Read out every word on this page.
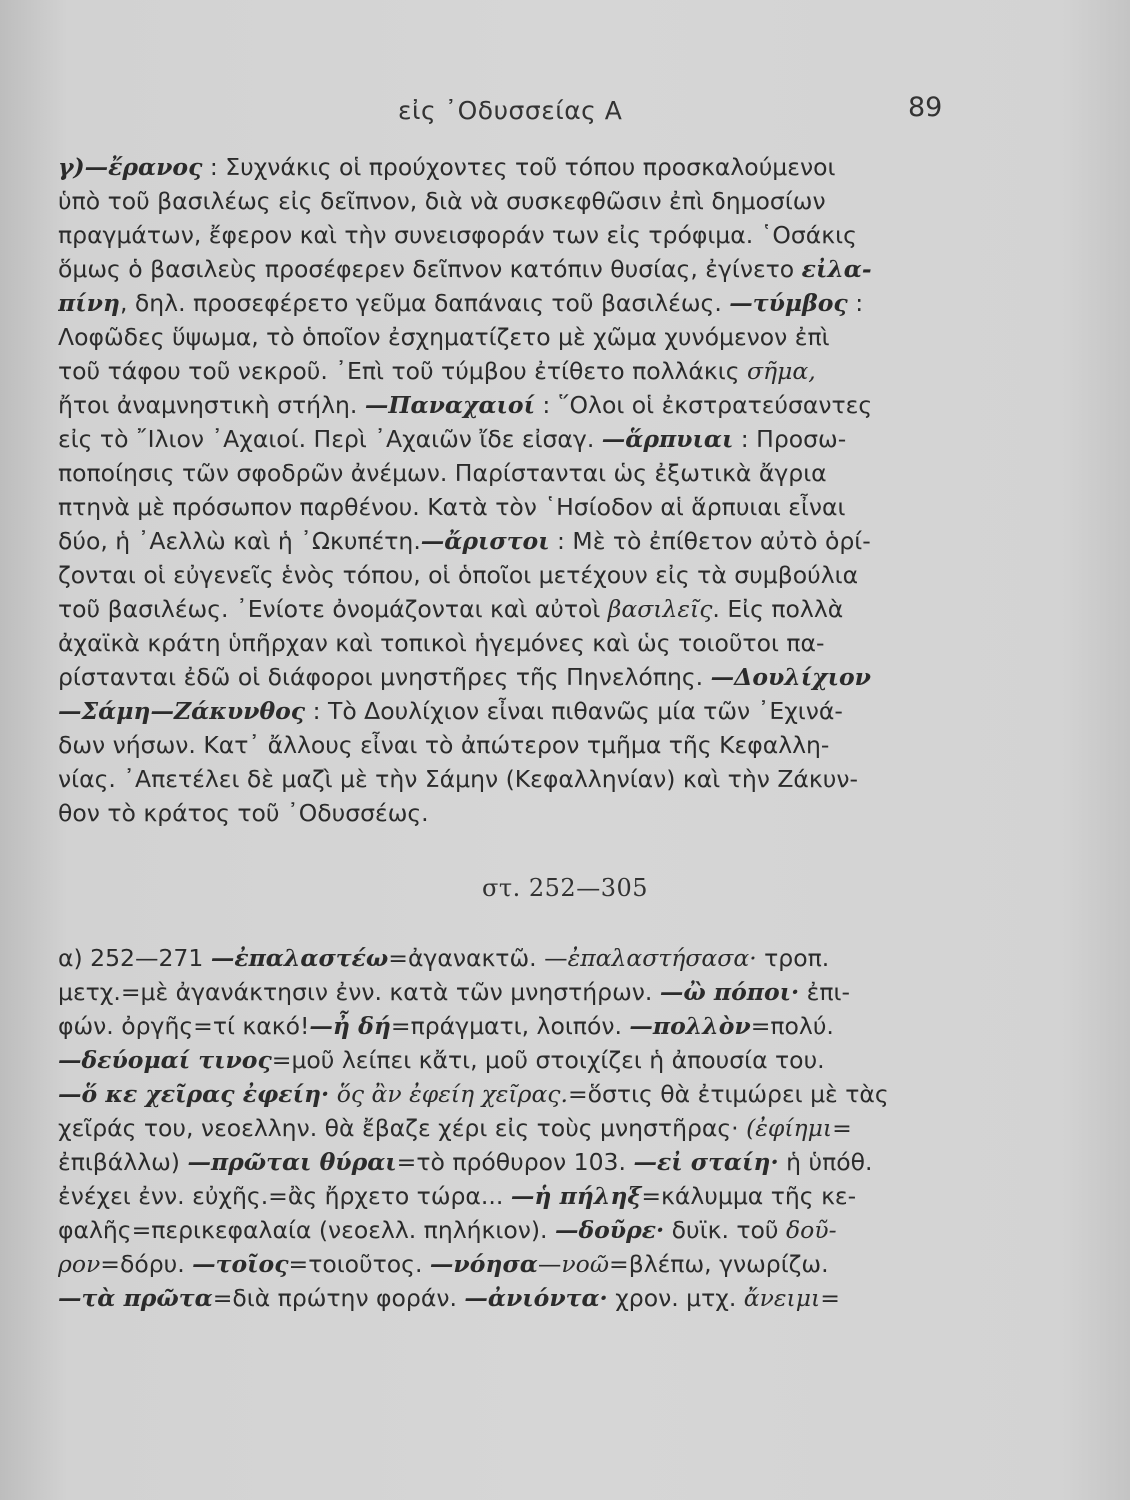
εἰς ᾿Οδυσσείας Α	89
γ)—ἔρανος : Συχνάκις οἱ προύχοντες τοῦ τόπου προσκαλούμενοι
ὑπὸ τοῦ βασιλέως εἰς δεῖπνον, διὰ νὰ συσκεφθῶσιν ἐπὶ δημοσίων
πραγμάτων, ἔφερον καὶ τὴν συνεισφοράν των εἰς τρόφιμα. ῾Οσάκις
ὅμως ὁ βασιλεὺς προσέφερεν δεῖπνον κατόπιν θυσίας, ἐγίνετο εἰλα-
πίνη, δηλ. προσεφέρετο γεῦμα δαπάναις τοῦ βασιλέως. —τύμβος :
Λοφῶδες ὕψωμα, τὸ ὁποῖον ἐσχηματίζετο μὲ χῶμα χυνόμενον ἐπὶ
τοῦ τάφου τοῦ νεκροῦ. ᾿Επὶ τοῦ τύμβου ἐτίθετο πολλάκις σῆμα,
ἤτοι ἀναμνηστικὴ στήλη. —Παναχαιοί : ῞Ολοι οἱ ἐκστρατεύσαντες
εἰς τὸ ῎Ιλιον ᾿Αχαιοί. Περὶ ᾿Αχαιῶν ἴδε εἰσαγ. —ἅρπυιαι : Προσω-
ποποίησις τῶν σφοδρῶν ἀνέμων. Παρίστανται ὡς ἐξωτικὰ ἄγρια
πτηνὰ μὲ πρόσωπον παρθένου. Κατὰ τὸν ῾Ησίοδον αἱ ἅρπυιαι εἶναι
δύο, ἡ ᾿Αελλὼ καὶ ἡ ᾿Ωκυπέτη.—ἄριστοι : Μὲ τὸ ἐπίθετον αὐτὸ ὁρί-
ζονται οἱ εὐγενεῖς ἑνὸς τόπου, οἱ ὁποῖοι μετέχουν εἰς τὰ συμβούλια
τοῦ βασιλέως. ᾿Ενίοτε ὀνομάζονται καὶ αὐτοὶ βασιλεῖς. Εἰς πολλὰ
ἀχαϊκὰ κράτη ὑπῆρχαν καὶ τοπικοὶ ἡγεμόνες καὶ ὡς τοιοῦτοι πα-
ρίστανται ἐδῶ οἱ διάφοροι μνηστῆρες τῆς Πηνελόπης. —Δουλίχιον
—Σάμη—Ζάκυνθος : Τὸ Δουλίχιον εἶναι πιθανῶς μία τῶν ᾿Εχινά-
δων νήσων. Κατ᾿ ἄλλους εἶναι τὸ ἀπώτερον τμῆμα τῆς Κεφαλλη-
νίας. ᾿Απετέλει δὲ μαζὶ μὲ τὴν Σάμην (Κεφαλληνίαν) καὶ τὴν Ζάκυν-
θον τὸ κράτος τοῦ ᾿Οδυσσέως.
στ. 252—305
α) 252—271 —ἐπαλαστέω=ἀγανακτῶ. —ἐπαλαστήσασα· τροπ.
μετχ.=μὲ ἀγανάκτησιν ἐνν. κατὰ τῶν μνηστήρων. —ὢ πόποι· ἐπι-
φών. ὀργῆς=τί κακό!—ἦ δή=πράγματι, λοιπόν. —πολλὸν=πολύ.
—δεύομαί τινος=μοῦ λείπει κἄτι, μοῦ στοιχίζει ἡ ἀπουσία του.
—ὅ κε χεῖρας ἐφείη· ὅς ἂν ἐφείη χεῖρας.=ὅστις θὰ ἐτιμώρει μὲ τὰς
χεῖράς του, νεοελλην. θὰ ἔβαζε χέρι εἰς τοὺς μνηστῆρας· (ἐφίημι=
ἐπιβάλλω) —πρῶται θύραι=τὸ πρόθυρον 103. —εἰ σταίη· ἡ ὑπόθ.
ἐνέχει ἐνν. εὐχῆς.=ἂς ἤρχετο τώρα... —ἡ πήληξ=κάλυμμα τῆς κε-
φαλῆς=περικεφαλαία (νεοελλ. πηλήκιον). —δοῦρε· δυϊκ. τοῦ δοῦ-
ρον=δόρυ. —τοῖος=τοιοῦτος. —νόησα—νοῶ=βλέπω, γνωρίζω.
—τὰ πρῶτα=διὰ πρώτην φοράν. —ἀνιόντα· χρον. μτχ. ἄνειμι=
